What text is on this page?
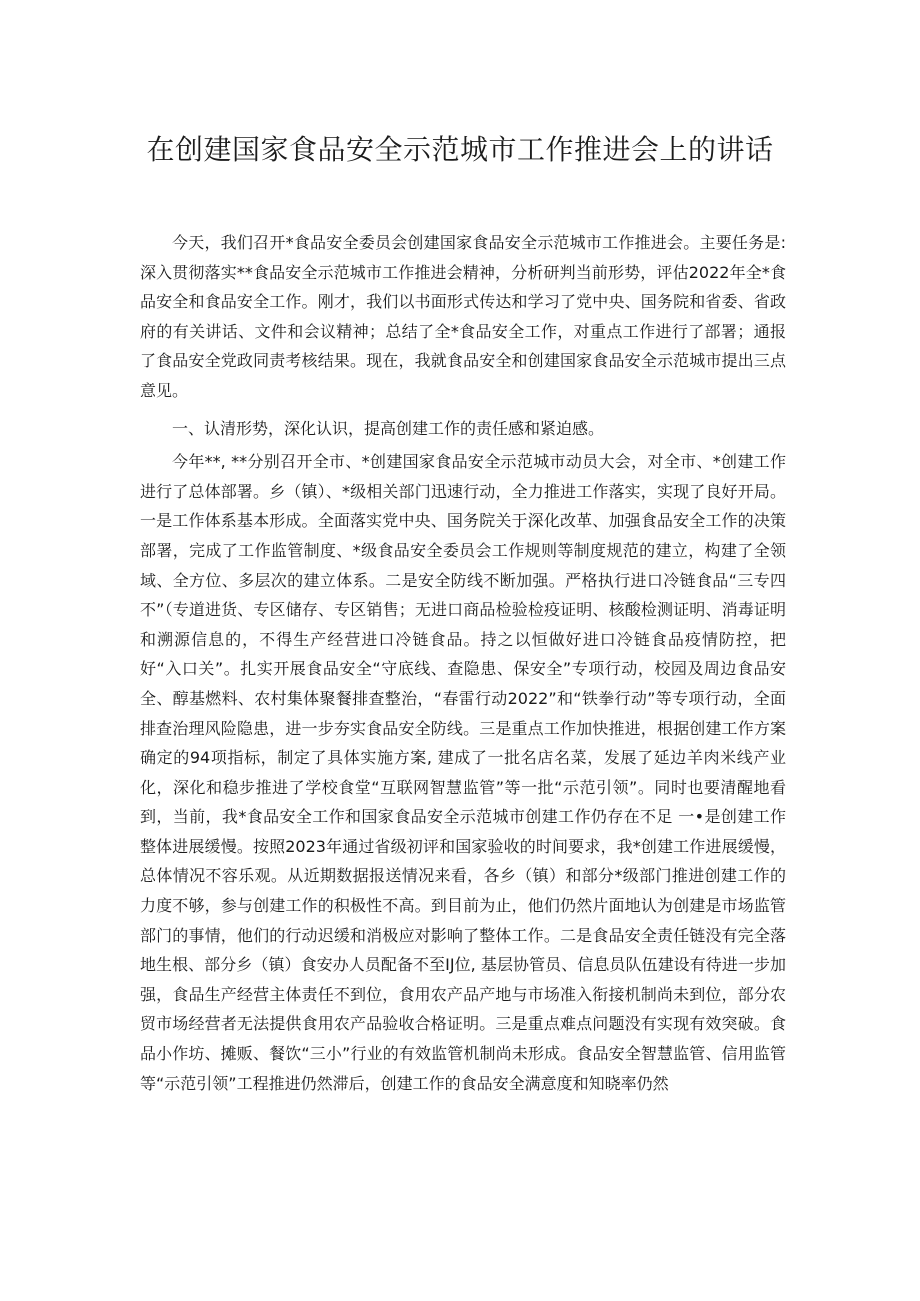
在创建国家食品安全示范城市工作推进会上的讲话

今天，我们召开*食品安全委员会创建国家食品安全示范城市工作推进会。主要任务是: 深入贯彻落实**食品安全示范城市工作推进会精神，分析研判当前形势，评估2022年全*食品安全和食品安全工作。刚才，我们以书面形式传达和学习了党中央、国务院和省委、省政府的有关讲话、文件和会议精神；总结了全*食品安全工作，对重点工作进行了部署；通报了食品安全党政同责考核结果。现在，我就食品安全和创建国家食品安全示范城市提出三点意见。

一、认清形势，深化认识，提高创建工作的责任感和紧迫感。

今年**, **分别召开全市、*创建国家食品安全示范城市动员大会，对全市、*创建工作进行了总体部署。乡（镇）、*级相关部门迅速行动，全力推进工作落实，实现了良好开局。一是工作体系基本形成。全面落实党中央、国务院关于深化改革、加强食品安全工作的决策部署，完成了工作监管制度、*级食品安全委员会工作规则等制度规范的建立，构建了全领域、全方位、多层次的建立体系。二是安全防线不断加强。严格执行进口冷链食品“三专四不”（专道进货、专区储存、专区销售；无进口商品检验检疫证明、核酸检测证明、消毒证明和溯源信息的，不得生产经营进口冷链食品。持之以恒做好进口冷链食品疫情防控，把好“入口关”。扎实开展食品安全“守底线、查隐患、保安全”专项行动，校园及周边食品安全、醇基燃料、农村集体聚餐排查整治，“春雷行动2022”和“铁拳行动”等专项行动，全面排查治理风险隐患，进一步夯实食品安全防线。三是重点工作加快推进，根据创建工作方案确定的94项指标，制定了具体实施方案, 建成了一批名店名菜，发展了延边羊肉米线产业化，深化和稳步推进了学校食堂“互联网智慧监管”等一批“示范引领”。同时也要清醒地看到，当前，我*食品安全工作和国家食品安全示范城市创建工作仍存在不足 一•是创建工作整体进展缓慢。按照2023年通过省级初评和国家验收的时间要求，我*创建工作进展缓慢，总体情况不容乐观。从近期数据报送情况来看，各乡（镇）和部分*级部门推进创建工作的力度不够，参与创建工作的积极性不高。到目前为止，他们仍然片面地认为创建是市场监管部门的事情，他们的行动迟缓和消极应对影响了整体工作。二是食品安全责任链没有完全落地生根、部分乡（镇）食安办人员配备不至IJ位, 基层协管员、信息员队伍建设有待进一步加强，食品生产经营主体责任不到位，食用农产品产地与市场准入衔接机制尚未到位，部分农贸市场经营者无法提供食用农产品验收合格证明。三是重点难点问题没有实现有效突破。食品小作坊、摊贩、餐饮“三小”行业的有效监管机制尚未形成。食品安全智慧监管、信用监管等“示范引领”工程推进仍然滞后，创建工作的食品安全满意度和知晓率仍然
